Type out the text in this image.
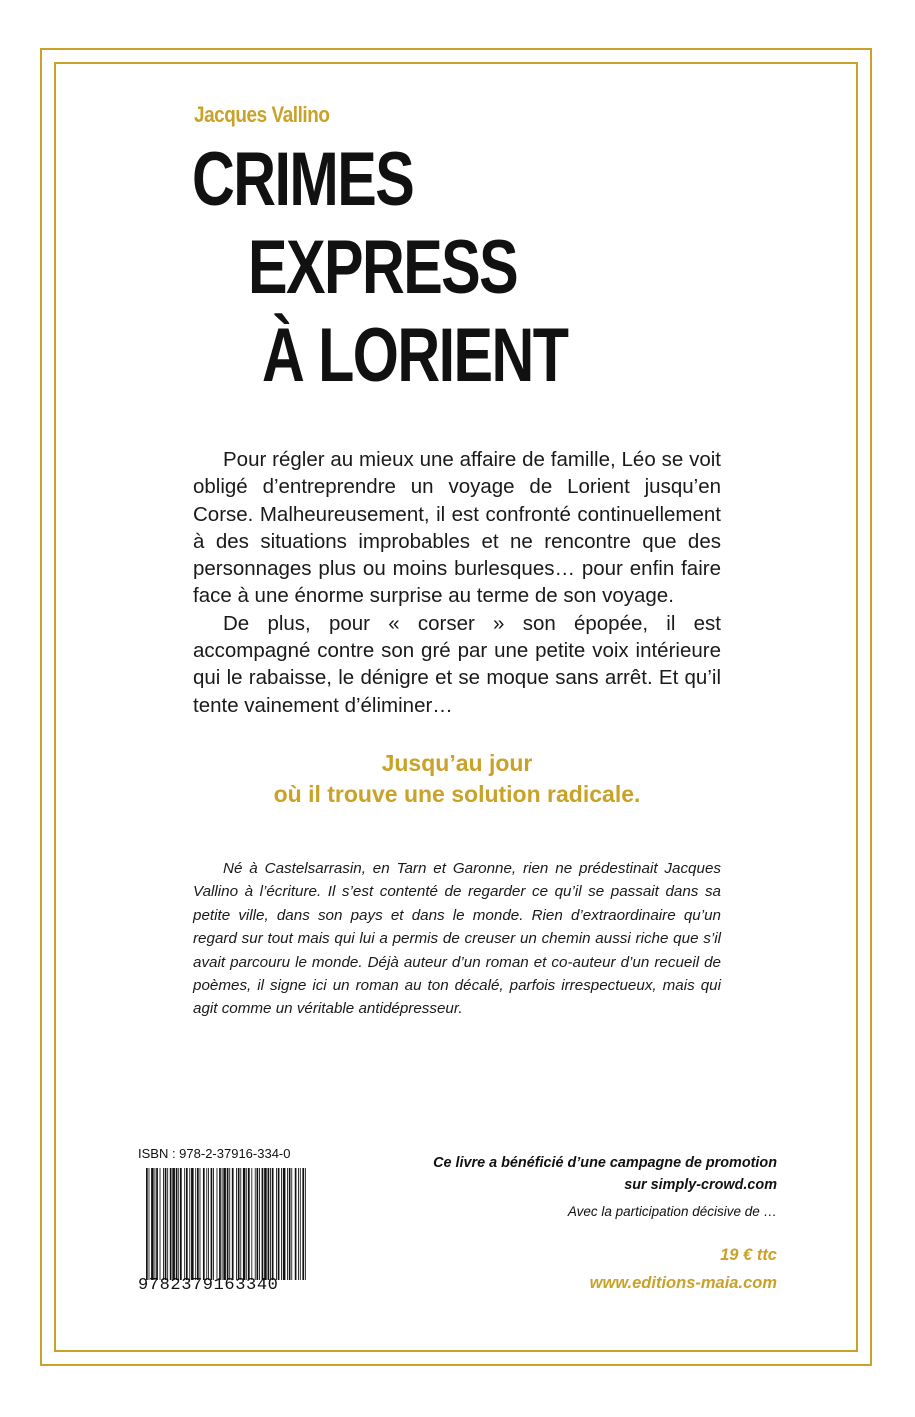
Jacques Vallino
CRIMES
EXPRESS
À LORIENT

Pour régler au mieux une affaire de famille, Léo se voit obligé d’entreprendre un voyage de Lorient jusqu’en Corse. Malheureusement, il est confronté continuellement à des situations improbables et ne rencontre que des personnages plus ou moins burlesques… pour enfin faire face à une énorme surprise au terme de son voyage.

De plus, pour « corser » son épopée, il est accompagné contre son gré par une petite voix intérieure qui le rabaisse, le dénigre et se moque sans arrêt. Et qu’il tente vainement d’éliminer…

Jusqu’au jour
où il trouve une solution radicale.

Né à Castelsarrasin, en Tarn et Garonne, rien ne prédestinait Jacques Vallino à l’écriture. Il s’est contenté de regarder ce qu’il se passait dans sa petite ville, dans son pays et dans le monde. Rien d’extraordinaire qu’un regard sur tout mais qui lui a permis de creuser un chemin aussi riche que s’il avait parcouru le monde. Déjà auteur d’un roman et co-auteur d’un recueil de poèmes, il signe ici un roman au ton décalé, parfois irrespectueux, mais qui agit comme un véritable antidépresseur.

ISBN : 978-2-37916-334-0
9782379163340
Ce livre a bénéficié d’une campagne de promotion
sur simply-crowd.com
Avec la participation décisive de …
19 € ttc
www.editions-maia.com
